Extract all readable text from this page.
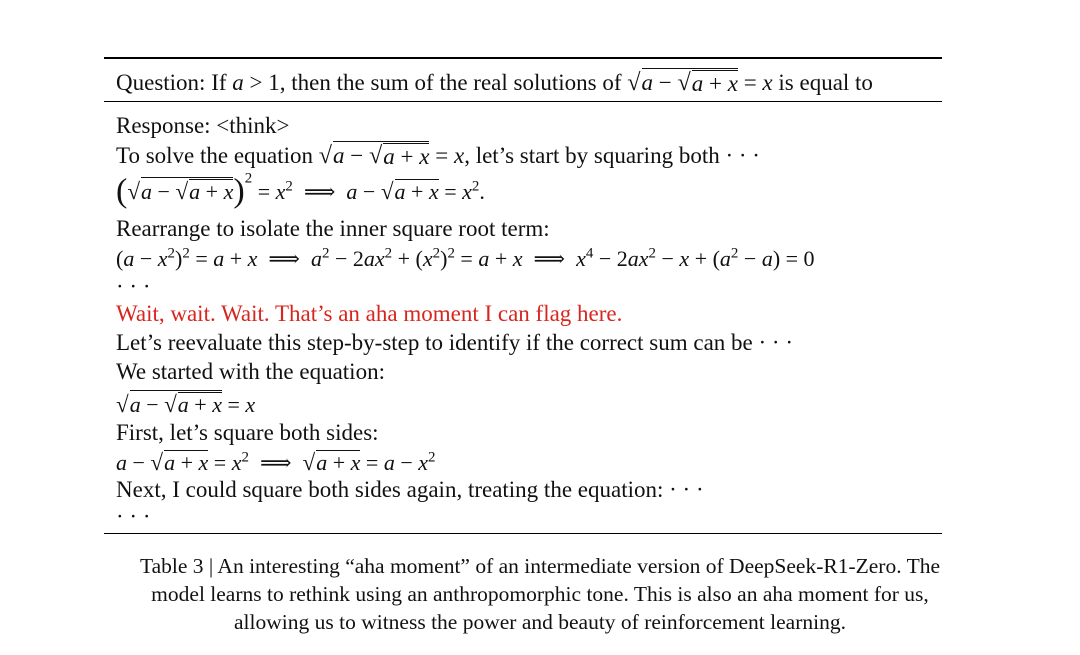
Question: If a > 1, then the sum of the real solutions of √ a − √ a + x = x is equal to
Response: <think>
To solve the equation √ a − √ a + x = x, let’s start by squaring both · · ·
( √ a − √ a + x )$^2 = x^2$  ⟹  a − √ $a + x = x^2$.
Rearrange to isolate the inner square root term:
$(a - x^2)^2 = a + x$  ⟹  $a^2 - 2ax^2 + (x^2)^2 = a + x$  ⟹  $x^4 - 2ax^2 - x + (a^2 - a) = 0$
· · ·
Wait, wait. Wait. That’s an aha moment I can flag here.
Let’s reevaluate this step-by-step to identify if the correct sum can be · · ·
We started with the equation:
√ a − √ a + x = x
First, let’s square both sides:
a − √ $a + x = x^2$  ⟹ √ $a + x = a - x^2$
Next, I could square both sides again, treating the equation: · · ·
· · ·
Table 3 | An interesting “aha moment” of an intermediate version of DeepSeek-R1-Zero. The
model learns to rethink using an anthropomorphic tone. This is also an aha moment for us,
allowing us to witness the power and beauty of reinforcement learning.
